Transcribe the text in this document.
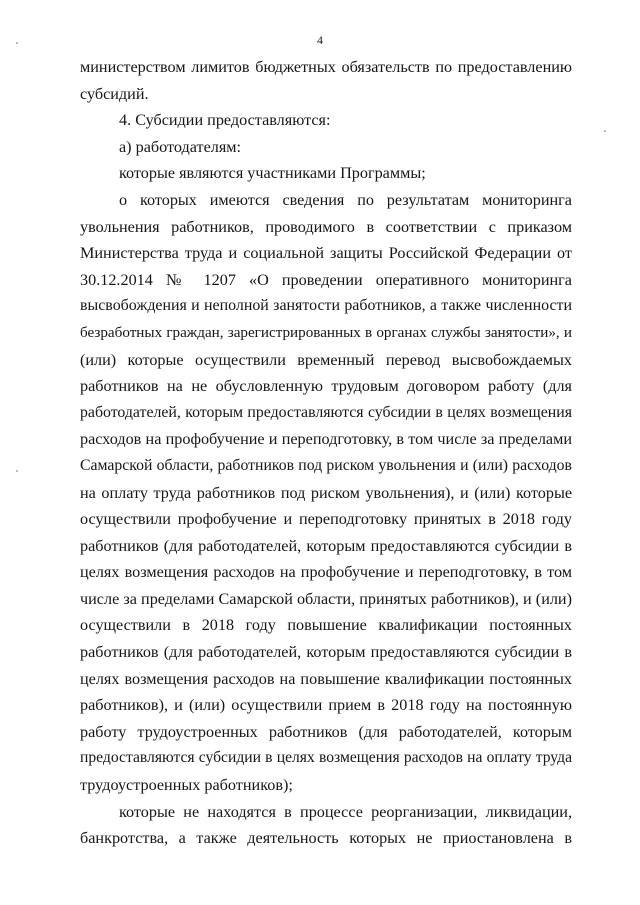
4
министерством лимитов бюджетных обязательств по предоставлению
субсидий.
4. Субсидии предоставляются:
а) работодателям:
которые являются участниками Программы;
о которых имеются сведения по результатам мониторинга
увольнения работников, проводимого в соответствии с приказом
Министерства труда и социальной защиты Российской Федерации от
30.12.2014 № 1207 «О проведении оперативного мониторинга
высвобождения и неполной занятости работников, а также численности
безработных граждан, зарегистрированных в органах службы занятости», и
(или) которые осуществили временный перевод высвобождаемых
работников на не обусловленную трудовым договором работу (для
работодателей, которым предоставляются субсидии в целях возмещения
расходов на профобучение и переподготовку, в том числе за пределами
Самарской области, работников под риском увольнения и (или) расходов
на оплату труда работников под риском увольнения), и (или) которые
осуществили профобучение и переподготовку принятых в 2018 году
работников (для работодателей, которым предоставляются субсидии в
целях возмещения расходов на профобучение и переподготовку, в том
числе за пределами Самарской области, принятых работников), и (или)
осуществили в 2018 году повышение квалификации постоянных
работников (для работодателей, которым предоставляются субсидии в
целях возмещения расходов на повышение квалификации постоянных
работников), и (или) осуществили прием в 2018 году на постоянную
работу трудоустроенных работников (для работодателей, которым
предоставляются субсидии в целях возмещения расходов на оплату труда
трудоустроенных работников);
которые не находятся в процессе реорганизации, ликвидации,
банкротства, а также деятельность которых не приостановлена в
